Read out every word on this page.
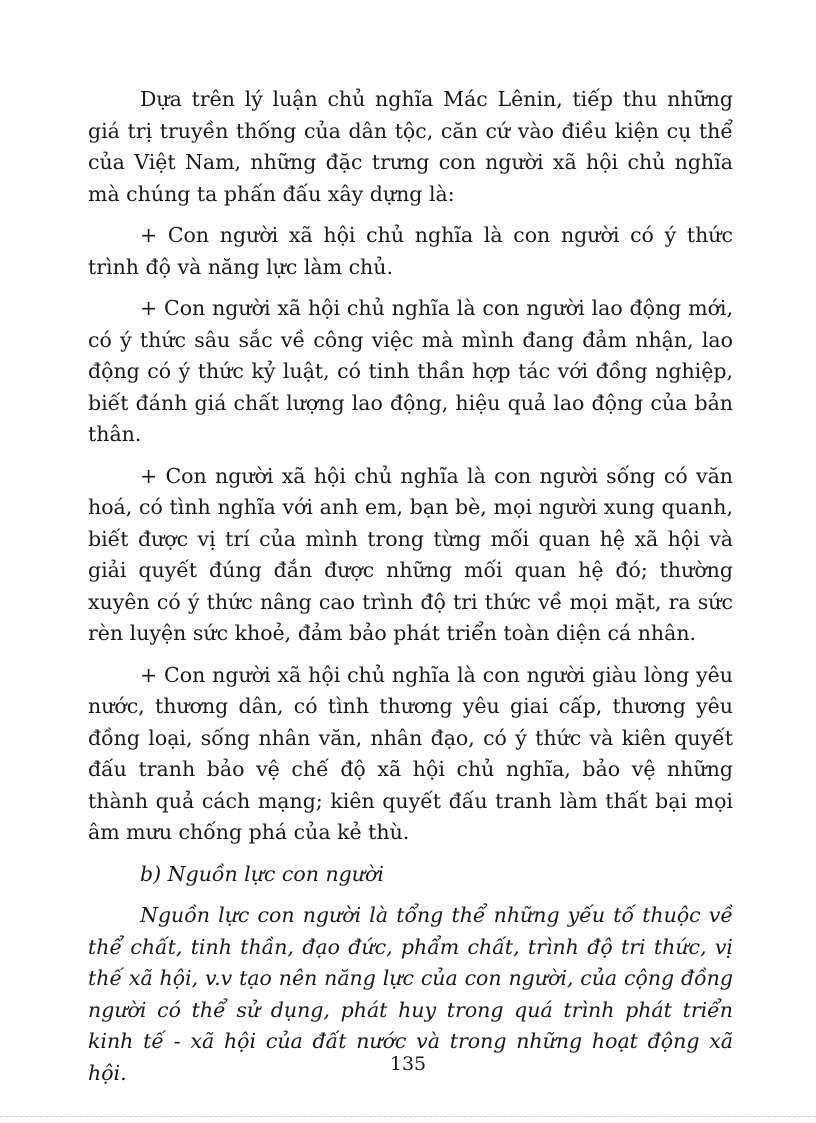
Dựa trên lý luận chủ nghĩa Mác Lênin, tiếp thu những giá trị truyền thống của dân tộc, căn cứ vào điều kiện cụ thể của Việt Nam, những đặc trưng con người xã hội chủ nghĩa mà chúng ta phấn đấu xây dựng là:

+ Con người xã hội chủ nghĩa là con người có ý thức trình độ và năng lực làm chủ.

+ Con người xã hội chủ nghĩa là con người lao động mới, có ý thức sâu sắc về công việc mà mình đang đảm nhận, lao động có ý thức kỷ luật, có tinh thần hợp tác với đồng nghiệp, biết đánh giá chất lượng lao động, hiệu quả lao động của bản thân.

+ Con người xã hội chủ nghĩa là con người sống có văn hoá, có tình nghĩa với anh em, bạn bè, mọi người xung quanh, biết được vị trí của mình trong từng mối quan hệ xã hội và giải quyết đúng đắn được những mối quan hệ đó; thường xuyên có ý thức nâng cao trình độ tri thức về mọi mặt, ra sức rèn luyện sức khoẻ, đảm bảo phát triển toàn diện cá nhân.

+ Con người xã hội chủ nghĩa là con người giàu lòng yêu nước, thương dân, có tình thương yêu giai cấp, thương yêu đồng loại, sống nhân văn, nhân đạo, có ý thức và kiên quyết đấu tranh bảo vệ chế độ xã hội chủ nghĩa, bảo vệ những thành quả cách mạng; kiên quyết đấu tranh làm thất bại mọi âm mưu chống phá của kẻ thù.

b) Nguồn lực con người

Nguồn lực con người là tổng thể những yếu tố thuộc về thể chất, tinh thần, đạo đức, phẩm chất, trình độ tri thức, vị thế xã hội, v.v tạo nên năng lực của con người, của cộng đồng người có thể sử dụng, phát huy trong quá trình phát triển kinh tế - xã hội của đất nước và trong những hoạt động xã hội.	135
